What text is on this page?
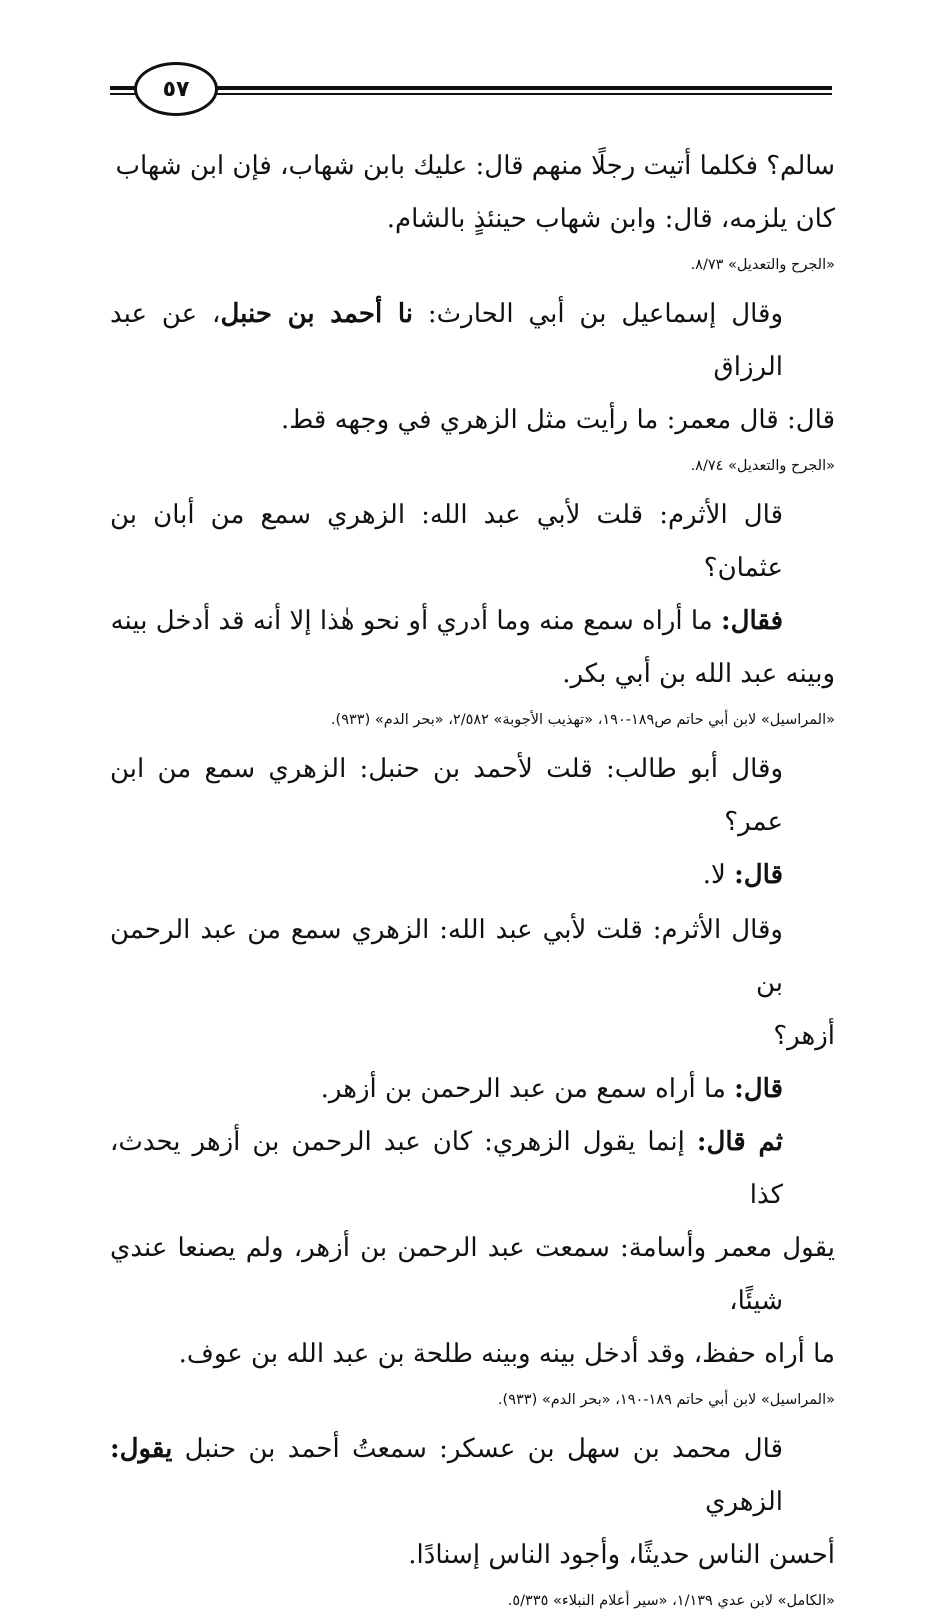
٥٧

سالم؟ فكلما أتيت رجلًا منهم قال: عليك بابن شهاب، فإن ابن شهاب
كان يلزمه، قال: وابن شهاب حينئذٍ بالشام.

«الجرح والتعديل» ٨/٧٣.

وقال إسماعيل بن أبي الحارث: نا أحمد بن حنبل، عن عبد الرزاق
قال: قال معمر: ما رأيت مثل الزهري في وجهه قط.

«الجرح والتعديل» ٨/٧٤.

قال الأثرم: قلت لأبي عبد الله: الزهري سمع من أبان بن عثمان؟

فقال: ما أراه سمع منه وما أدري أو نحو هٰذا إلا أنه قد أدخل بينه
وبينه عبد الله بن أبي بكر.

«المراسيل» لابن أبي حاتم ص١٨٩-١٩٠، «تهذيب الأجوبة» ٢/٥٨٢، «بحر الدم» (٩٣٣).

وقال أبو طالب: قلت لأحمد بن حنبل: الزهري سمع من ابن عمر؟

قال: لا.

وقال الأثرم: قلت لأبي عبد الله: الزهري سمع من عبد الرحمن بن
أزهر؟

قال: ما أراه سمع من عبد الرحمن بن أزهر.

ثم قال: إنما يقول الزهري: كان عبد الرحمن بن أزهر يحدث، كذا
يقول معمر وأسامة: سمعت عبد الرحمن بن أزهر، ولم يصنعا عندي شيئًا،
ما أراه حفظ، وقد أدخل بينه وبينه طلحة بن عبد الله بن عوف.

«المراسيل» لابن أبي حاتم ١٨٩-١٩٠، «بحر الدم» (٩٣٣).

قال محمد بن سهل بن عسكر: سمعتُ أحمد بن حنبل يقول: الزهري
أحسن الناس حديثًا، وأجود الناس إسنادًا.

«الكامل» لابن عدي ١/١٣٩، «سير أعلام النبلاء» ٥/٣٣٥.
